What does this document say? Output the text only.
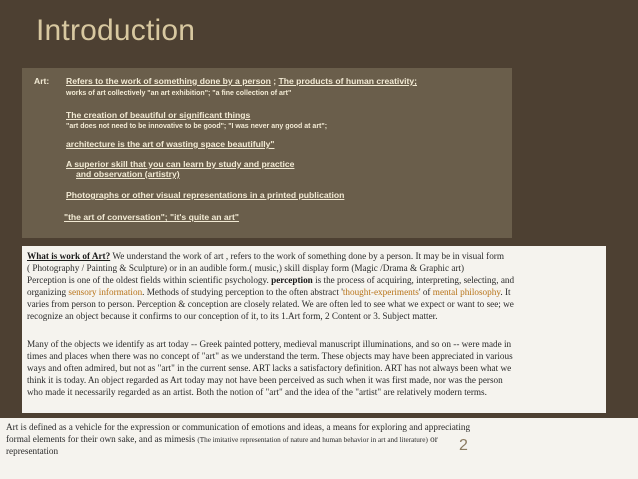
Introduction
Art: Refers to the work of something done by a person ; The products of human creativity;
works of art collectively "an art exhibition"; "a fine collection of art"
The creation of beautiful or significant things
"art does not need to be innovative to be good"; "I was never any good at art";
architecture is the art of wasting space beautifully"
A superior skill that you can learn by study and practice
and observation (artistry)
Photographs or other visual representations in a printed publication
"the art of conversation"; "it's quite an art"
What is work of Art? We understand the work of art , refers to the work of something done by a person. It may be in visual form
( Photography / Painting & Sculpture) or in an audible form.( music,) skill display form (Magic /Drama & Graphic art)
Perception is one of the oldest fields within scientific psychology. perception is the process of acquiring, interpreting, selecting, and
organizing sensory information. Methods of studying perception to the often abstract 'thought-experiments' of mental philosophy. It
varies from person to person. Perception & conception are closely related. We are often led to see what we expect or want to see; we
recognize an object because it confirms to our conception of it, to its 1.Art form, 2 Content or 3. Subject matter.
Many of the objects we identify as art today -- Greek painted pottery, medieval manuscript illuminations, and so on -- were made in
times and places when there was no concept of "art" as we understand the term. These objects may have been appreciated in various
ways and often admired, but not as "art" in the current sense. ART lacks a satisfactory definition. ART has not always been what we
think it is today. An object regarded as Art today may not have been perceived as such when it was first made, nor was the person
who made it necessarily regarded as an artist. Both the notion of "art" and the idea of the "artist" are relatively modern terms.
Art is defined as a vehicle for the expression or communication of emotions and ideas, a means for exploring and appreciating
formal elements for their own sake, and as mimesis (The imitative representation of nature and human behavior in art and literature) or
representation	2
